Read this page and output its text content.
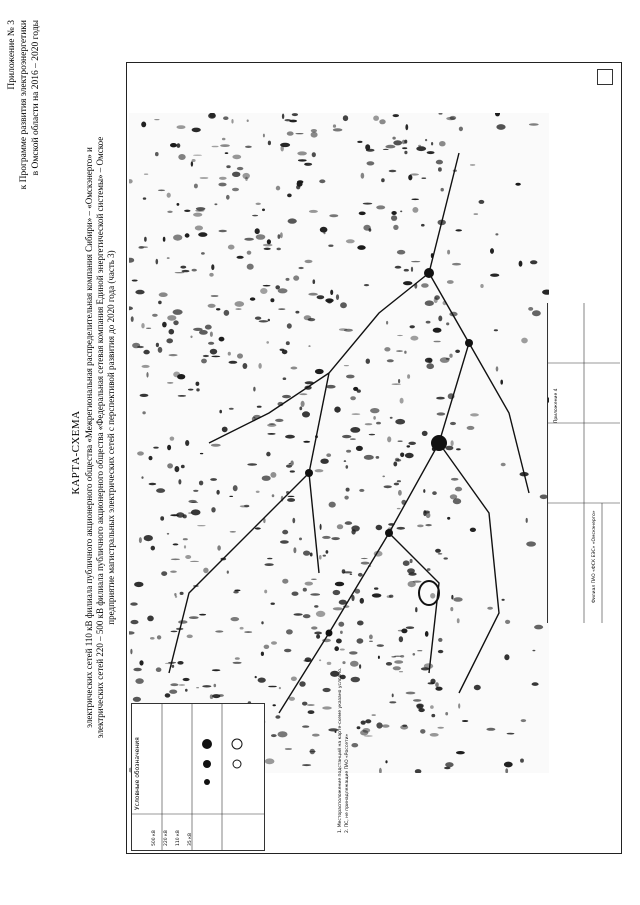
Приложение № 3 к Программе развития электроэнергетики в Омской области на 2016 – 2020 годы
КАРТА-СХЕМА электрических сетей 110 кВ филиала публичного акционерного общества «Межрегиональная распределительная компания Сибири» – «Омскэнерго» и электрических сетей 220 – 500 кВ филиала публичного акционерного общества «Федеральная сетевая компания Единой энергетической системы» – Омское предприятие магистральных электрических сетей с перспективой развития до 2020 года (часть 3)
Условные обозначения
500 кВ 220 кВ 110 кВ 35 кВ
1. Месторасположение подстанций на карте-схеме указано условно. 2. ПС, не принадлежащие ПАО «Россети»
Приложение 4
Филиал ПАО «ФСК ЕЭС» «Омскэнерго»
